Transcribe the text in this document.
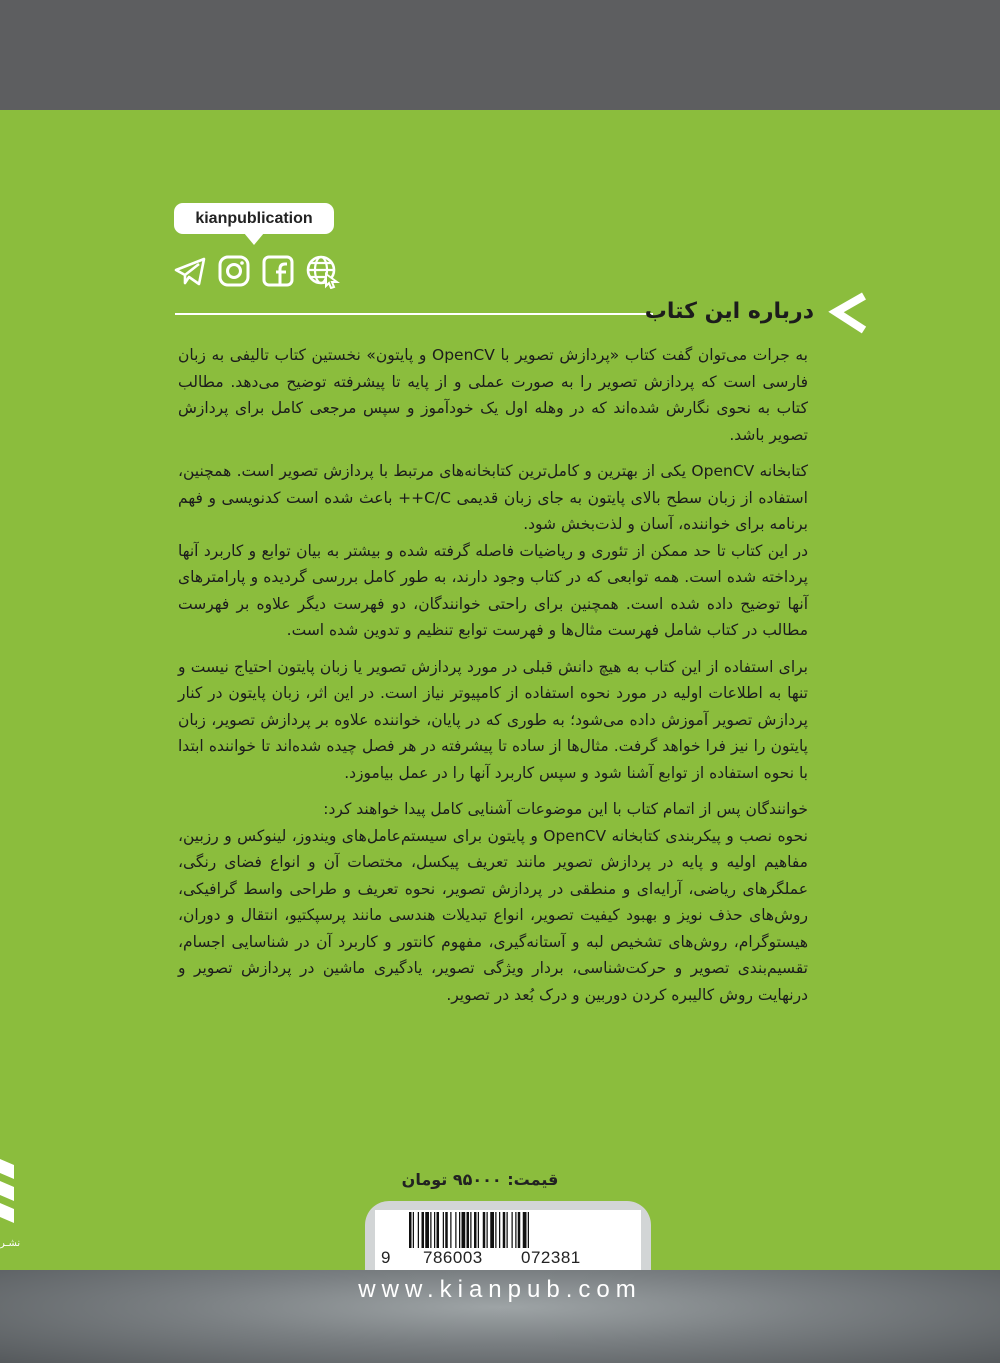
kianpublication
درباره این کتاب

به جرات می‌توان گفت کتاب «پردازش تصویر با OpenCV و پایتون» نخستین کتاب تالیفی به زبان فارسی است که پردازش تصویر را به صورت عملی و از پایه تا پیشرفته توضیح می‌دهد. مطالب کتاب به نحوی نگارش شده‌اند که در وهله اول یک خودآموز و سپس مرجعی کامل برای پردازش تصویر باشد.

کتابخانه OpenCV یکی از بهترین و کامل‌ترین کتابخانه‌های مرتبط با پردازش تصویر است. همچنین، استفاده از زبان سطح بالای پایتون به جای زبان قدیمی C/C++ باعث شده است کدنویسی و فهم برنامه برای خواننده، آسان و لذت‌بخش شود.

در این کتاب تا حد ممکن از تئوری و ریاضیات فاصله گرفته شده و بیشتر به بیان توابع و کاربرد آنها پرداخته شده است. همه توابعی که در کتاب وجود دارند، به طور کامل بررسی گردیده و پارامترهای آنها توضیح داده شده است. همچنین برای راحتی خوانندگان، دو فهرست دیگر علاوه بر فهرست مطالب در کتاب شامل فهرست مثال‌ها و فهرست توابع تنظیم و تدوین شده است.

برای استفاده از این کتاب به هیچ دانش قبلی در مورد پردازش تصویر یا زبان پایتون احتیاج نیست و تنها به اطلاعات اولیه در مورد نحوه استفاده از کامپیوتر نیاز است. در این اثر، زبان پایتون در کنار پردازش تصویر آموزش داده می‌شود؛ به طوری که در پایان، خواننده علاوه بر پردازش تصویر، زبان پایتون را نیز فرا خواهد گرفت. مثال‌ها از ساده تا پیشرفته در هر فصل چیده شده‌اند تا خواننده ابتدا با نحوه استفاده از توابع آشنا شود و سپس کاربرد آنها را در عمل بیاموزد.

خوانندگان پس از اتمام کتاب با این موضوعات آشنایی کامل پیدا خواهند کرد:

نحوه نصب و پیکربندی کتابخانه OpenCV و پایتون برای سیستم‌عامل‌های ویندوز، لینوکس و رزبین، مفاهیم اولیه و پایه در پردازش تصویر مانند تعریف پیکسل، مختصات آن و انواع فضای رنگی، عملگرهای ریاضی، آرایه‌ای و منطقی در پردازش تصویر، نحوه تعریف و طراحی واسط گرافیکی، روش‌های حذف نویز و بهبود کیفیت تصویر، انواع تبدیلات هندسی مانند پرسپکتیو، انتقال و دوران، هیستوگرام، روش‌های تشخیص لبه و آستانه‌گیری، مفهوم کانتور و کاربرد آن در شناسایی اجسام، تقسیم‌بندی تصویر و حرکت‌شناسی، بردار ویژگی تصویر، یادگیری ماشین در پردازش تصویر و درنهایت روش کالیبره کردن دوربین و درک بُعد در تصویر.

نشـر
قیمت: ۹۵۰۰۰ تومان
9 786003 072381
www.kianpub.com
